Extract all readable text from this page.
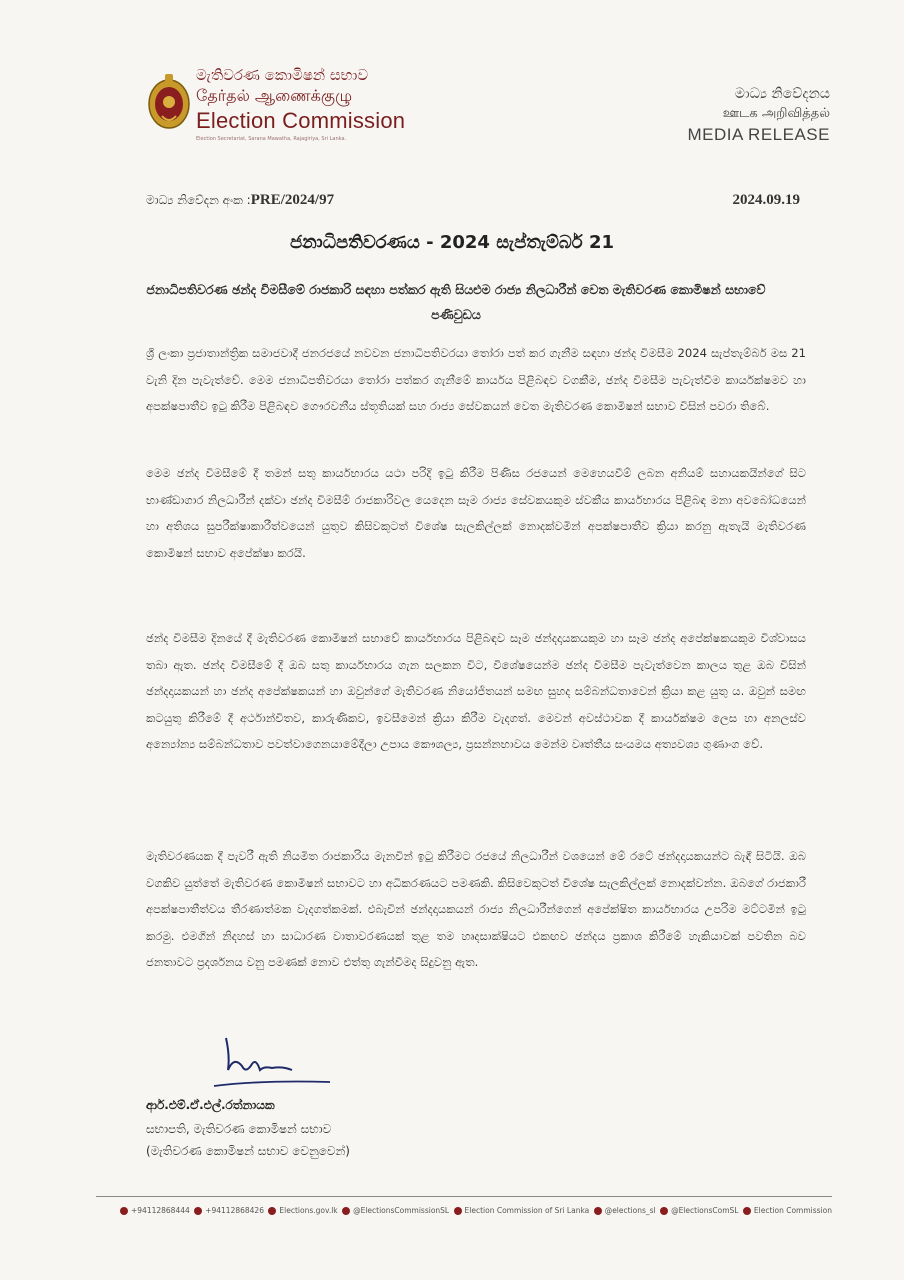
මැතිවරණ කොමිෂන් සභාව
தேர்தல் ஆணைக்குழு
Election Commission
Election Secretariat, Sarana Mawatha, Rajagiriya, Sri Lanka.
මාධ්‍ය නිවේදනය
ஊடக அறிவித்தல்
MEDIA RELEASE
මාධ්‍ය නිවේදන අංක :PRE/2024/97	2024.09.19
ජනාධිපතිවරණය - 2024 සැප්තැම්බර් 21
ජනාධිපතිවරණ ඡන්ද විමසීමේ රාජකාරි සඳහා පත්කර ඇති සියළුම රාජ්‍ය නිලධාරීන් වෙත මැතිවරණ කොමිෂන් සභාවේ පණිවුඩය
ශ්‍රී ලංකා ප්‍රජාතාන්ත්‍රික සමාජවාදී ජනරජයේ නවවන ජනාධිපතිවරයා තෝරා පත් කර ගැනීම සඳහා ඡන්ද විමසීම 2024 සැප්තැම්බර් මස 21 වැනි දින පැවැත්වේ. මෙම ජනාධිපතිවරයා තෝරා පත්කර ගැනීමේ කාර්යය පිළිබඳව වගකීම, ඡන්ද විමසීම පැවැත්වීම කාර්යක්ෂමව හා අපක්ෂපාතීව ඉටු කිරීම පිළිබඳව ගෞරවනීය ස්තූතියක් සහ රාජ්‍ය සේවකයන් වෙත මැතිවරණ කොමිෂන් සභාව විසින් පවරා තිබේ.
මෙම ඡන්ද විමසීමේ දී තමන් සතු කාර්යභාරය යථා පරිදි ඉටු කිරීම පිණිස රජයෙන් මෙහෙයවීම් ලබන අනියම් සහායකයින්ගේ සිට භාණ්ඩාගාර නිලධාරීන් දක්වා ඡන්ද විමසීම් රාජකාරිවල යෙදෙන සෑම රාජ්‍ය සේවකයකුම ස්වකීය කාර්යභාරය පිළිබඳ මනා අවබෝධයෙන් හා අතිශය සුපරීක්ෂාකාරීත්වයෙන් යුතුව කිසිවකුටත් විශේෂ සැලකිල්ලක් නොදක්වමින් අපක්ෂපාතීව ක්‍රියා කරනු ඇතැයි මැතිවරණ කොමිෂන් සභාව අපේක්ෂා කරයි.
ඡන්ද විමසීම දිනයේ දී මැතිවරණ කොමිෂන් සභාවේ කාර්යභාරය පිළිබඳව සෑම ඡන්දදායකයකුම හා සෑම ඡන්ද අපේක්ෂකයකුම විශ්වාසය තබා ඇත. ඡන්ද විමසීමේ දී ඔබ සතු කාර්යභාරය ගැන සලකන විට, විශේෂයෙන්ම ඡන්ද විමසීම පැවැත්වෙන කාලය තුළ ඔබ විසින් ඡන්දදායකයන් හා ඡන්ද අපේක්ෂකයන් හා ඔවුන්ගේ මැතිවරණ නියෝජිතයන් සමඟ සුහද සම්බන්ධතාවෙන් ක්‍රියා කළ යුතු ය. ඔවුන් සමඟ කටයුතු කිරීමේ දී අර්ථාන්විතව, කාරුණිකව, ඉවසීමෙන් ක්‍රියා කිරීම වැදගත්. මෙවන් අවස්ථාවක දී කාර්යක්ෂම ලෙස හා අනලස්ව අන්‍යෝන්‍ය සම්බන්ධතාව පවත්වාගෙනයාමේදීලා උපාය කෞශල්‍ය, ප්‍රසන්නභාවය මෙන්ම වෘත්තීය සංයමය අත්‍යවශ්‍ය ගුණාංග වේ.
මැතිවරණයක දී පැවරී ඇති නියමිත රාජකාරිය මැනවින් ඉටු කිරීමට රජයේ නිලධාරීන් වශයෙන් මේ රටේ ඡන්දදායකයන්ට බැඳී සිටියි. ඔබ වගකිව යුත්තේ මැතිවරණ කොමිෂන් සභාවට හා අධිකරණයට පමණකි. කිසිවෙකුටත් විශේෂ සැලකිල්ලක් නොදක්වන්න. ඔබගේ රාජකාරී අපක්ෂපාතීත්වය තීරණාත්මක වැදගත්කමක්. එබැවින් ඡන්දදායකයන් රාජ්‍ය නිලධාරීන්ගෙන් අපේක්ෂිත කාර්යභාරය උපරිම මට්ටමින් ඉටු කරමු. එමගින් නිදහස් හා සාධාරණ වාතාවරණයක් තුළ තම හෘදසාක්ෂියට එකඟව ඡන්දය ප්‍රකාශ කිරීමේ හැකියාවක් පවතින බව ජනතාවට ප්‍රදර්ශනය වනු පමණක් නොව එත්තු ගැන්වීමද සිදුවනු ඇත.
ආර්.එම්.ඒ.එල්.රත්නායක
සභාපති, මැතිවරණ කොමිෂන් සභාව
(මැතිවරණ කොමිෂන් සභාව වෙනුවෙන්)
+94112868444 +94112868426 Elections.gov.lk @ElectionsCommissionSL Election Commission of Sri Lanka @elections_sl @ElectionsComSL Election Commission
